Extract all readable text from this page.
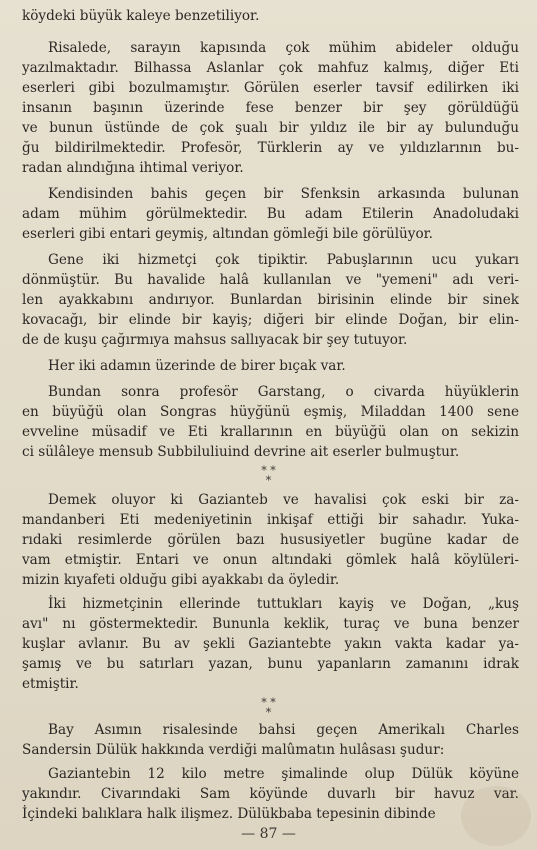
köydeki büyük kaleye benzetiliyor.
Risalede, sarayın kapısında çok mühim abideler olduğu
yazılmaktadır. Bilhassa Aslanlar çok mahfuz kalmış, diğer Eti
eserleri gibi bozulmamıştır. Görülen eserler tavsif edilirken iki
insanın başının üzerinde fese benzer bir şey görüldüğü
ve bunun üstünde de çok şualı bir yıldız ile bir ay bulunduğu
ğu bildirilmektedir. Profesör, Türklerin ay ve yıldızlarının bu-
radan alındığına ihtimal veriyor.
Kendisinden bahis geçen bir Sfenksin arkasında bulunan
adam mühim görülmektedir. Bu adam Etilerin Anadoludaki
eserleri gibi entari geymiş, altından gömleği bile görülüyor.
Gene iki hizmetçi çok tipiktir. Pabuşlarının ucu yukarı
dönmüştür. Bu havalide halâ kullanılan ve "yemeni" adı veri-
len ayakkabını andırıyor. Bunlardan birisinin elinde bir sinek
kovacağı, bir elinde bir kayiş; diğeri bir elinde Doğan, bir elin-
de de kuşu çağırmıya mahsus sallıyacak bir şey tutuyor.
Her iki adamın üzerinde de birer bıçak var.
Bundan sonra profesör Garstang, o civarda hüyüklerin
en büyüğü olan Songras hüyğünü eşmiş, Miladdan 1400 sene
evveline müsadif ve Eti krallarının en büyüğü olan on sekizin
ci sülâleye mensub Subbiluliuind devrine ait eserler bulmuştur.
* *
*
Demek oluyor ki Gazianteb ve havalisi çok eski bir za-
mandanberi Eti medeniyetinin inkişaf ettiği bir sahadır. Yuka-
rıdaki resimlerde görülen bazı hususiyetler bugüne kadar de
vam etmiştir. Entari ve onun altındaki gömlek halâ köylüleri-
mizin kıyafeti olduğu gibi ayakkabı da öyledir.
İki hizmetçinin ellerinde tuttukları kayiş ve Doğan, „kuş
avı" nı göstermektedir. Bununla keklik, turaç ve buna benzer
kuşlar avlanır. Bu av şekli Gaziantebte yakın vakta kadar ya-
şamış ve bu satırları yazan, bunu yapanların zamanını idrak
etmiştir.
* *
*
Bay Asımın risalesinde bahsi geçen Amerikalı Charles
Sandersin Dülük hakkında verdiği malûmatın hulâsası şudur:
Gaziantebin 12 kilo metre şimalinde olup Dülük köyüne
yakındır. Civarındaki Sam köyünde duvarlı bir havuz var.
İçindeki balıklara halk ilişmez. Dülükbaba tepesinin dibinde
— 87 —
